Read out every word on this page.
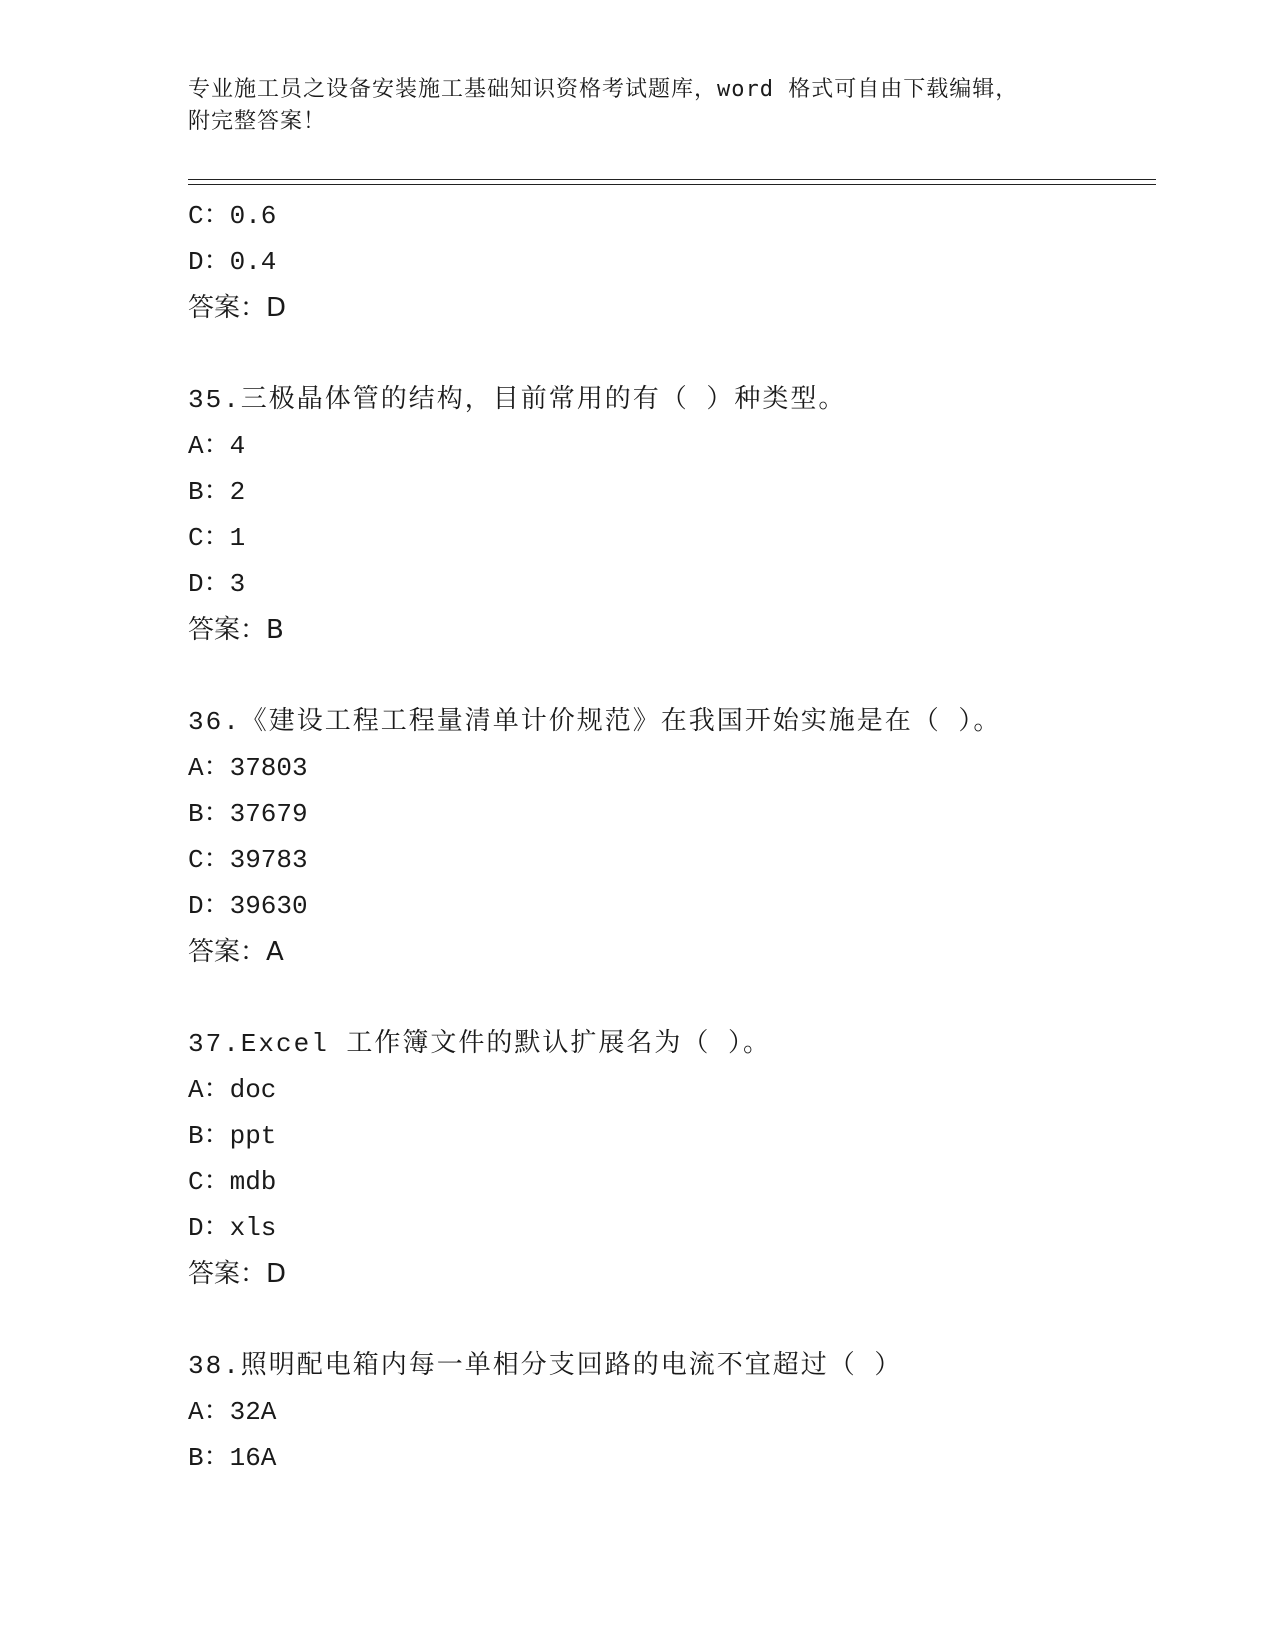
专业施工员之设备安装施工基础知识资格考试题库，word 格式可自由下载编辑，
附完整答案！
C：0.6
D：0.4
答案：D
35.三极晶体管的结构，目前常用的有（ ）种类型。
A：4
B：2
C：1
D：3
答案：B
36.《建设工程工程量清单计价规范》在我国开始实施是在（ ）。
A：37803
B：37679
C：39783
D：39630
答案：A
37.Excel 工作簿文件的默认扩展名为（ ）。
A：doc
B：ppt
C：mdb
D：xls
答案：D
38.照明配电箱内每一单相分支回路的电流不宜超过（ ）
A：32A
B：16A
